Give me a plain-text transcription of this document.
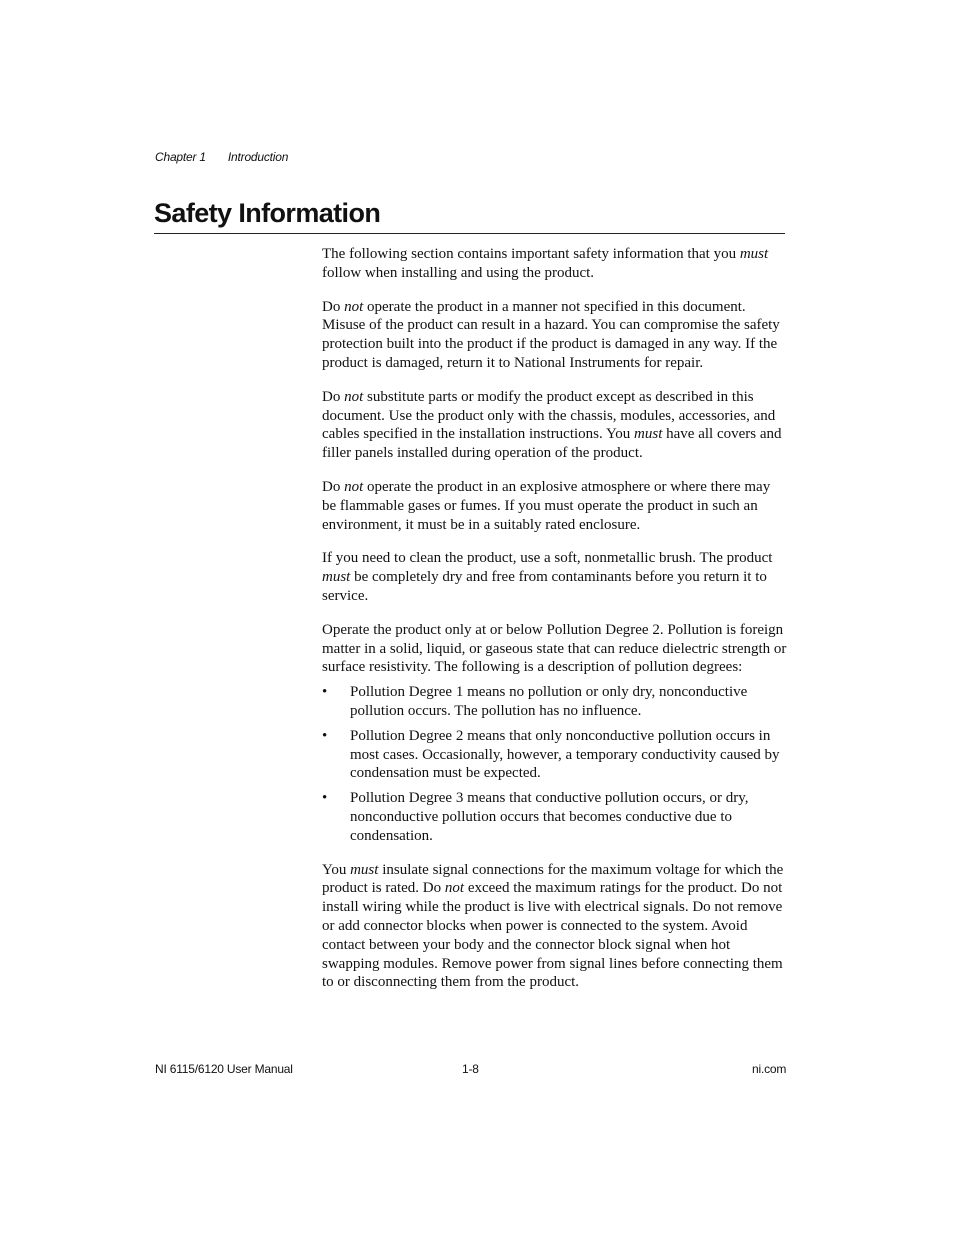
Chapter 1 Introduction
Safety Information

The following section contains important safety information that you must follow when installing and using the product.

Do not operate the product in a manner not specified in this document. Misuse of the product can result in a hazard. You can compromise the safety protection built into the product if the product is damaged in any way. If the product is damaged, return it to National Instruments for repair.

Do not substitute parts or modify the product except as described in this document. Use the product only with the chassis, modules, accessories, and cables specified in the installation instructions. You must have all covers and filler panels installed during operation of the product.

Do not operate the product in an explosive atmosphere or where there may be flammable gases or fumes. If you must operate the product in such an environment, it must be in a suitably rated enclosure.

If you need to clean the product, use a soft, nonmetallic brush. The product must be completely dry and free from contaminants before you return it to service.

Operate the product only at or below Pollution Degree 2. Pollution is foreign matter in a solid, liquid, or gaseous state that can reduce dielectric strength or surface resistivity. The following is a description of pollution degrees:

• Pollution Degree 1 means no pollution or only dry, nonconductive pollution occurs. The pollution has no influence.
• Pollution Degree 2 means that only nonconductive pollution occurs in most cases. Occasionally, however, a temporary conductivity caused by condensation must be expected.
• Pollution Degree 3 means that conductive pollution occurs, or dry, nonconductive pollution occurs that becomes conductive due to condensation.

You must insulate signal connections for the maximum voltage for which the product is rated. Do not exceed the maximum ratings for the product. Do not install wiring while the product is live with electrical signals. Do not remove or add connector blocks when power is connected to the system. Avoid contact between your body and the connector block signal when hot swapping modules. Remove power from signal lines before connecting them to or disconnecting them from the product.

NI 6115/6120 User Manual	1-8	ni.com
